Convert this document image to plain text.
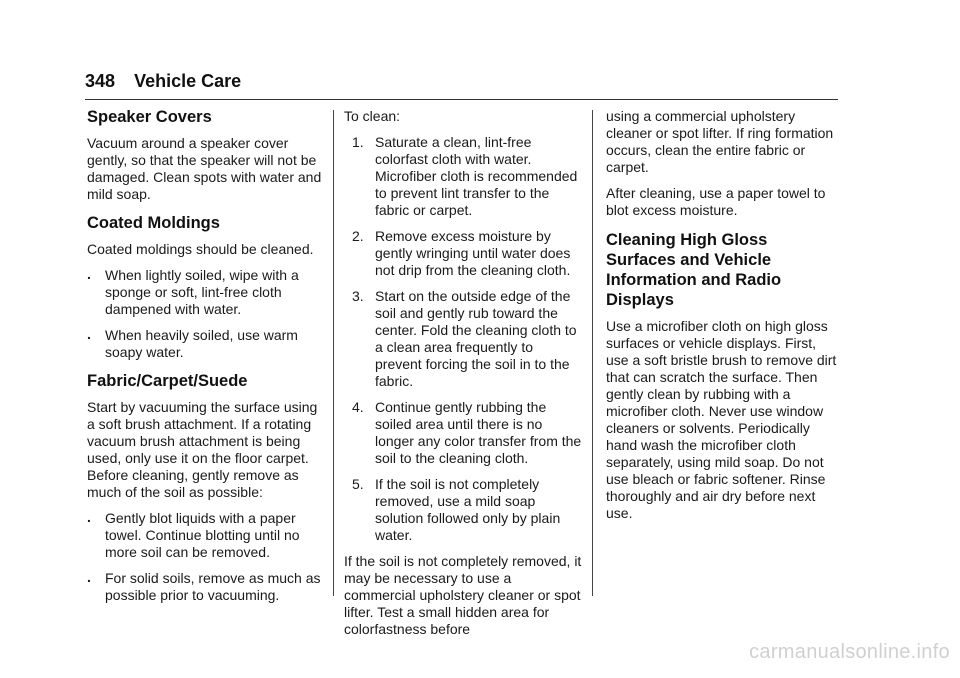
348 Vehicle Care
Speaker Covers

Vacuum around a speaker cover gently, so that the speaker will not be damaged. Clean spots with water and mild soap.

Coated Moldings

Coated moldings should be cleaned.

. When lightly soiled, wipe with a sponge or soft, lint-free cloth dampened with water.
. When heavily soiled, use warm soapy water.
Fabric/Carpet/Suede

Start by vacuuming the surface using a soft brush attachment. If a rotating vacuum brush attachment is being used, only use it on the floor carpet. Before cleaning, gently remove as much of the soil as possible:

. Gently blot liquids with a paper towel. Continue blotting until no more soil can be removed.
. For solid soils, remove as much as possible prior to vacuuming.

To clean:

1. Saturate a clean, lint-free colorfast cloth with water. Microfiber cloth is recommended to prevent lint transfer to the fabric or carpet.
2. Remove excess moisture by gently wringing until water does not drip from the cleaning cloth.
3. Start on the outside edge of the soil and gently rub toward the center. Fold the cleaning cloth to a clean area frequently to prevent forcing the soil in to the fabric.
4. Continue gently rubbing the soiled area until there is no longer any color transfer from the soil to the cleaning cloth.
5. If the soil is not completely removed, use a mild soap solution followed only by plain water.

If the soil is not completely removed, it may be necessary to use a commercial upholstery cleaner or spot lifter. Test a small hidden area for colorfastness before

using a commercial upholstery cleaner or spot lifter. If ring formation occurs, clean the entire fabric or carpet.

After cleaning, use a paper towel to blot excess moisture.

Cleaning High Gloss Surfaces and Vehicle Information and Radio Displays

Use a microfiber cloth on high gloss surfaces or vehicle displays. First, use a soft bristle brush to remove dirt that can scratch the surface. Then gently clean by rubbing with a microfiber cloth. Never use window cleaners or solvents. Periodically hand wash the microfiber cloth separately, using mild soap. Do not use bleach or fabric softener. Rinse thoroughly and air dry before next use.

carmanualsonline.info
